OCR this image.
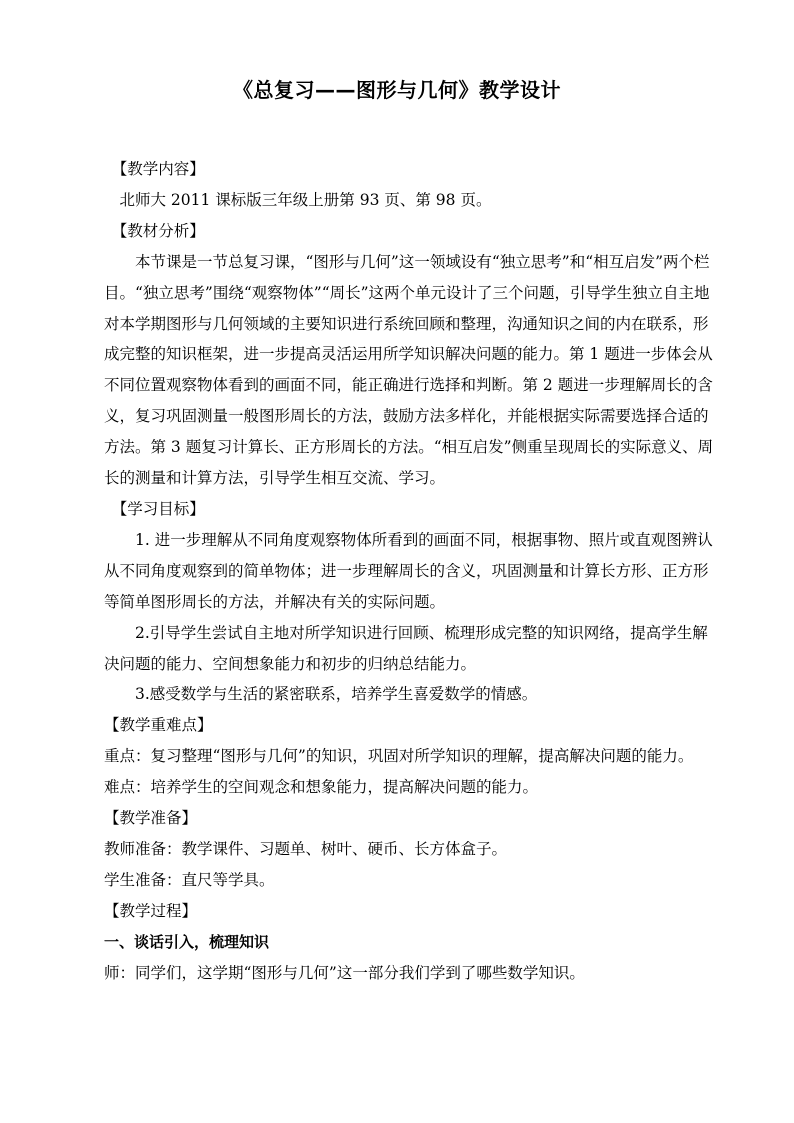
《总复习——图形与几何》教学设计

【教学内容】

北师大 2011 课标版三年级上册第 93 页、第 98 页。

【教材分析】

本节课是一节总复习课，“图形与几何”这一领域设有“独立思考”和“相互启发”两个栏目。“独立思考”围绕“观察物体”“周长”这两个单元设计了三个问题，引导学生独立自主地对本学期图形与几何领域的主要知识进行系统回顾和整理，沟通知识之间的内在联系，形成完整的知识框架，进一步提高灵活运用所学知识解决问题的能力。第 1 题进一步体会从不同位置观察物体看到的画面不同，能正确进行选择和判断。第 2 题进一步理解周长的含义，复习巩固测量一般图形周长的方法，鼓励方法多样化，并能根据实际需要选择合适的方法。第 3 题复习计算长、正方形周长的方法。“相互启发”侧重呈现周长的实际意义、周长的测量和计算方法，引导学生相互交流、学习。

【学习目标】

1. 进一步理解从不同角度观察物体所看到的画面不同，根据事物、照片或直观图辨认从不同角度观察到的简单物体；进一步理解周长的含义，巩固测量和计算长方形、正方形等简单图形周长的方法，并解决有关的实际问题。

2.引导学生尝试自主地对所学知识进行回顾、梳理形成完整的知识网络，提高学生解决问题的能力、空间想象能力和初步的归纳总结能力。

3.感受数学与生活的紧密联系，培养学生喜爱数学的情感。

【教学重难点】

重点：复习整理“图形与几何”的知识，巩固对所学知识的理解，提高解决问题的能力。

难点：培养学生的空间观念和想象能力，提高解决问题的能力。

【教学准备】

教师准备：教学课件、习题单、树叶、硬币、长方体盒子。

学生准备：直尺等学具。

【教学过程】

一、谈话引入，梳理知识

师：同学们，这学期“图形与几何”这一部分我们学到了哪些数学知识。
